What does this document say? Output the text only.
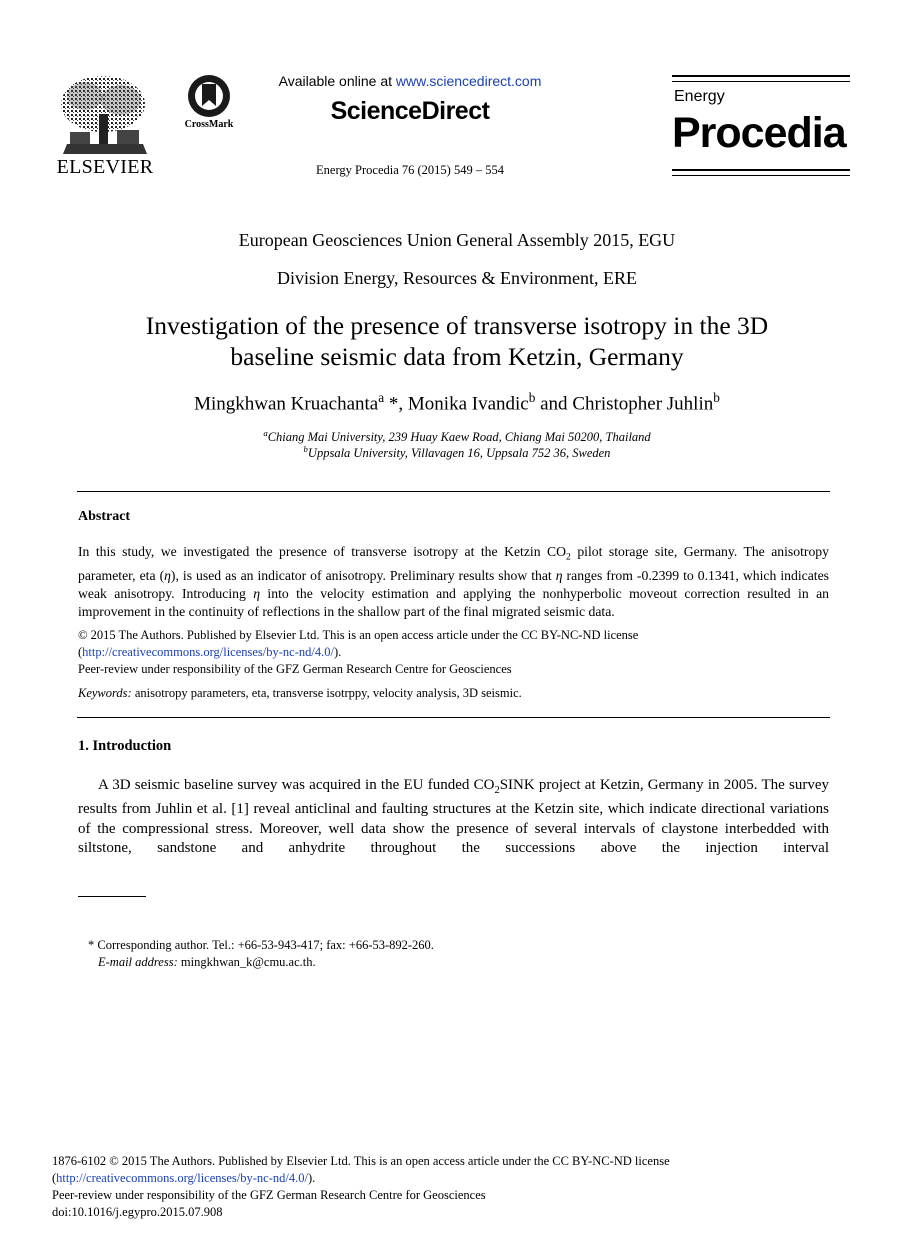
ELSEVIER
CrossMark
Available online at www.sciencedirect.com
ScienceDirect
Energy Procedia 76 (2015) 549 – 554
Energy
Procedia
European Geosciences Union General Assembly 2015, EGU
Division Energy, Resources & Environment, ERE
Investigation of the presence of transverse isotropy in the 3D
baseline seismic data from Ketzin, Germany
Mingkhwan Kruachanta$^a$ *, Monika Ivandic$^b$ and Christopher Juhlin$^b$
$^a$Chiang Mai University, 239 Huay Kaew Road, Chiang Mai 50200, Thailand
$^b$Uppsala University, Villavagen 16, Uppsala 752 36, Sweden
Abstract
In this study, we investigated the presence of transverse isotropy at the Ketzin $CO_2$ pilot storage site, Germany. The anisotropy parameter, eta (η), is used as an indicator of anisotropy. Preliminary results show that η ranges from -0.2399 to 0.1341, which indicates weak anisotropy. Introducing η into the velocity estimation and applying the nonhyperbolic moveout correction resulted in an improvement in the continuity of reflections in the shallow part of the final migrated seismic data.
© 2015 The Authors. Published by Elsevier Ltd. This is an open access article under the CC BY-NC-ND license
(http://creativecommons.org/licenses/by-nc-nd/4.0/).
Peer-review under responsibility of the GFZ German Research Centre for Geosciences
Keywords: anisotropy parameters, eta, transverse isotrppy, velocity analysis, 3D seismic.
1. Introduction
A 3D seismic baseline survey was acquired in the EU funded $CO_2SINK$ project at Ketzin, Germany in 2005. The survey results from Juhlin et al. [1] reveal anticlinal and faulting structures at the Ketzin site, which indicate directional variations of the compressional stress. Moreover, well data show the presence of several intervals of claystone interbedded with siltstone, sandstone and anhydrite throughout the successions above the injection interval
* Corresponding author. Tel.: +66-53-943-417; fax: +66-53-892-260.
E-mail address: mingkhwan_k@cmu.ac.th.
1876-6102 © 2015 The Authors. Published by Elsevier Ltd. This is an open access article under the CC BY-NC-ND license
(http://creativecommons.org/licenses/by-nc-nd/4.0/).
Peer-review under responsibility of the GFZ German Research Centre for Geosciences
doi:10.1016/j.egypro.2015.07.908
